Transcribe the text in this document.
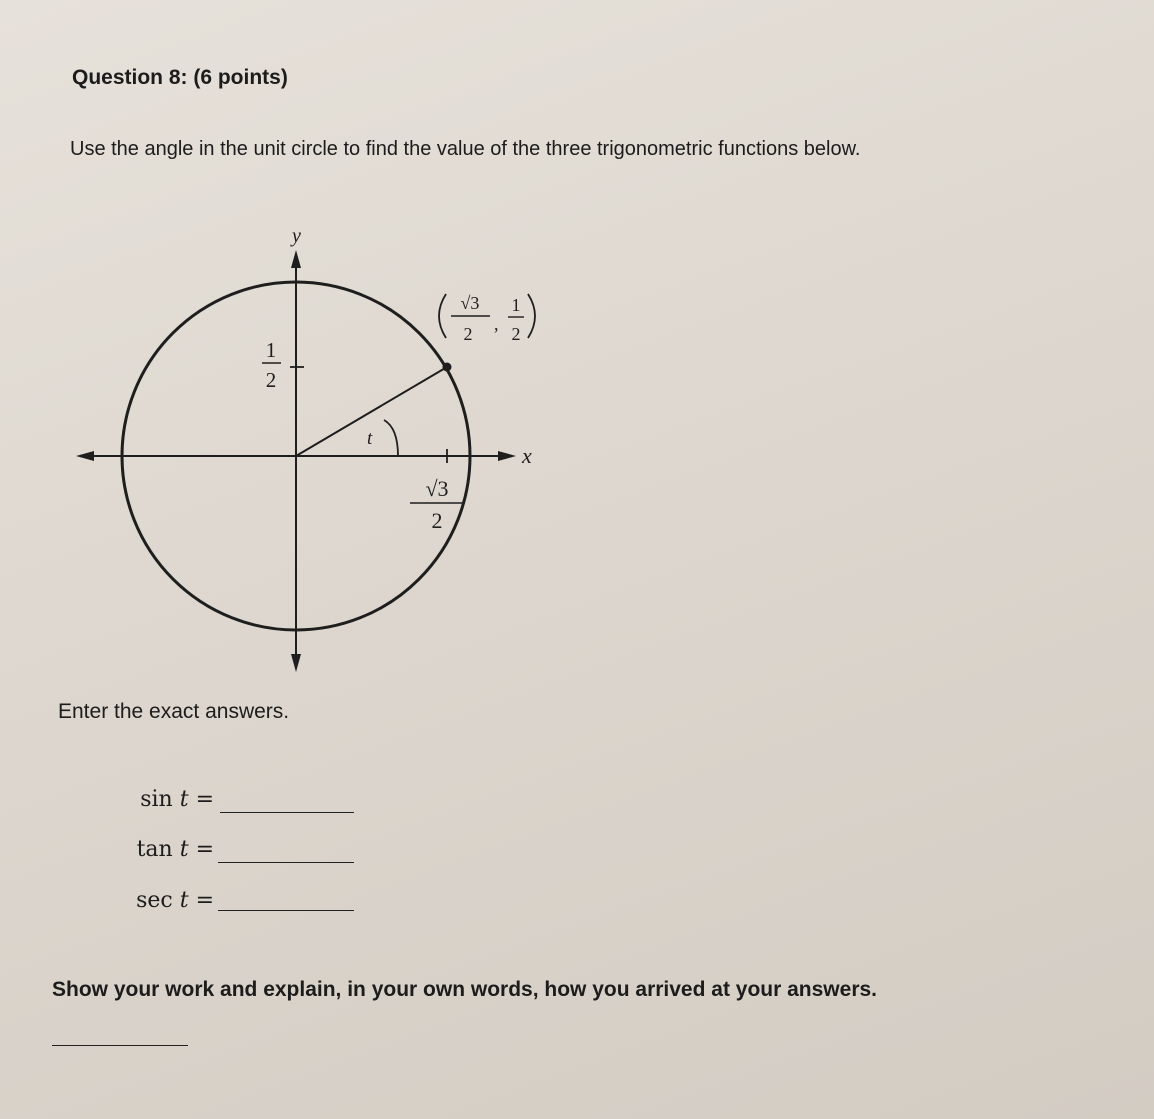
Question 8: (6 points)
Use the angle in the unit circle to find the value of the three trigonometric functions below.
y
x
t
1
2
√3
2
√3
2 ,
1
2
Enter the exact answers.
sin t =
tan t =
sec t =
Show your work and explain, in your own words, how you arrived at your answers.
